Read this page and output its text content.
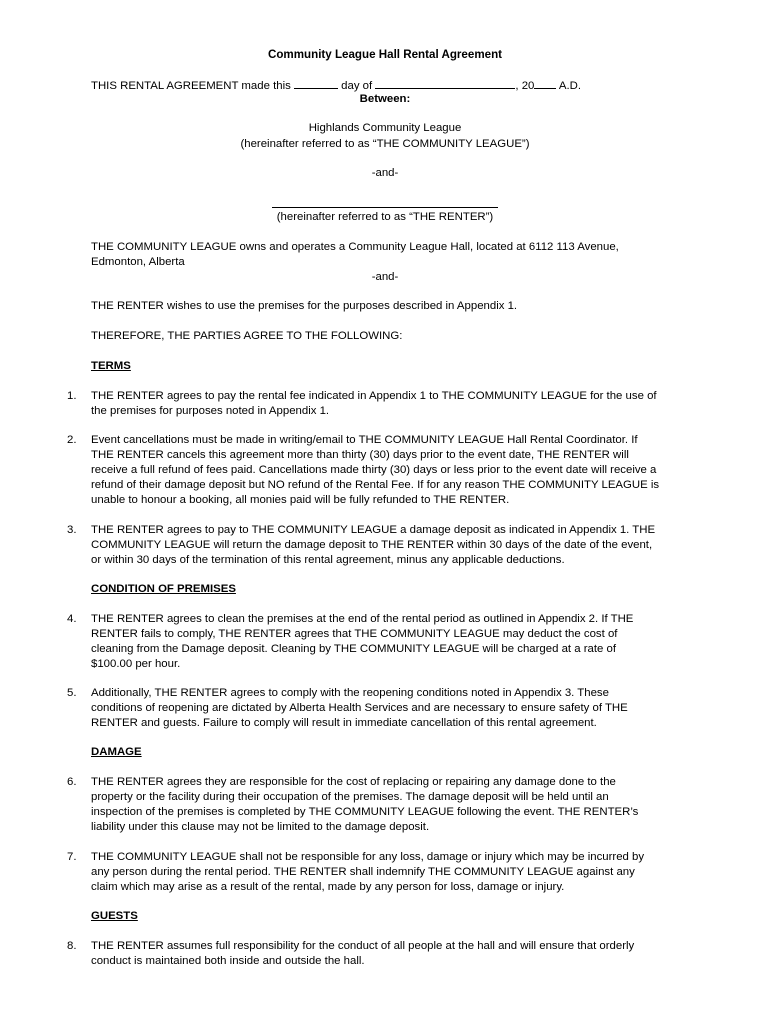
Community League Hall Rental Agreement
THIS RENTAL AGREEMENT made this	day of	, 20 A.D.
Between:
Highlands Community League
(hereinafter referred to as “THE COMMUNITY LEAGUE”)
-and-
(hereinafter referred to as “THE RENTER”)
THE COMMUNITY LEAGUE owns and operates a Community League Hall, located at 6112 113 Avenue,
Edmonton, Alberta
-and-
THE RENTER wishes to use the premises for the purposes described in Appendix 1.
THEREFORE, THE PARTIES AGREE TO THE FOLLOWING:
TERMS
1.	THE RENTER agrees to pay the rental fee indicated in Appendix 1 to THE COMMUNITY LEAGUE for the use of
the premises for purposes noted in Appendix 1.
2.	Event cancellations must be made in writing/email to THE COMMUNITY LEAGUE Hall Rental Coordinator. If
THE RENTER cancels this agreement more than thirty (30) days prior to the event date, THE RENTER will
receive a full refund of fees paid. Cancellations made thirty (30) days or less prior to the event date will receive a
refund of their damage deposit but NO refund of the Rental Fee. If for any reason THE COMMUNITY LEAGUE is
unable to honour a booking, all monies paid will be fully refunded to THE RENTER.
3.	THE RENTER agrees to pay to THE COMMUNITY LEAGUE a damage deposit as indicated in Appendix 1. THE
COMMUNITY LEAGUE will return the damage deposit to THE RENTER within 30 days of the date of the event,
or within 30 days of the termination of this rental agreement, minus any applicable deductions.
CONDITION OF PREMISES
4.	THE RENTER agrees to clean the premises at the end of the rental period as outlined in Appendix 2. If THE
RENTER fails to comply, THE RENTER agrees that THE COMMUNITY LEAGUE may deduct the cost of
cleaning from the Damage deposit. Cleaning by THE COMMUNITY LEAGUE will be charged at a rate of
$100.00 per hour.
5.	Additionally, THE RENTER agrees to comply with the reopening conditions noted in Appendix 3. These
conditions of reopening are dictated by Alberta Health Services and are necessary to ensure safety of THE
RENTER and guests. Failure to comply will result in immediate cancellation of this rental agreement.
DAMAGE
6.	THE RENTER agrees they are responsible for the cost of replacing or repairing any damage done to the
property or the facility during their occupation of the premises. The damage deposit will be held until an
inspection of the premises is completed by THE COMMUNITY LEAGUE following the event. THE RENTER’s
liability under this clause may not be limited to the damage deposit.
7.	THE COMMUNITY LEAGUE shall not be responsible for any loss, damage or injury which may be incurred by
any person during the rental period. THE RENTER shall indemnify THE COMMUNITY LEAGUE against any
claim which may arise as a result of the rental, made by any person for loss, damage or injury.
GUESTS
8.	THE RENTER assumes full responsibility for the conduct of all people at the hall and will ensure that orderly
conduct is maintained both inside and outside the hall.
